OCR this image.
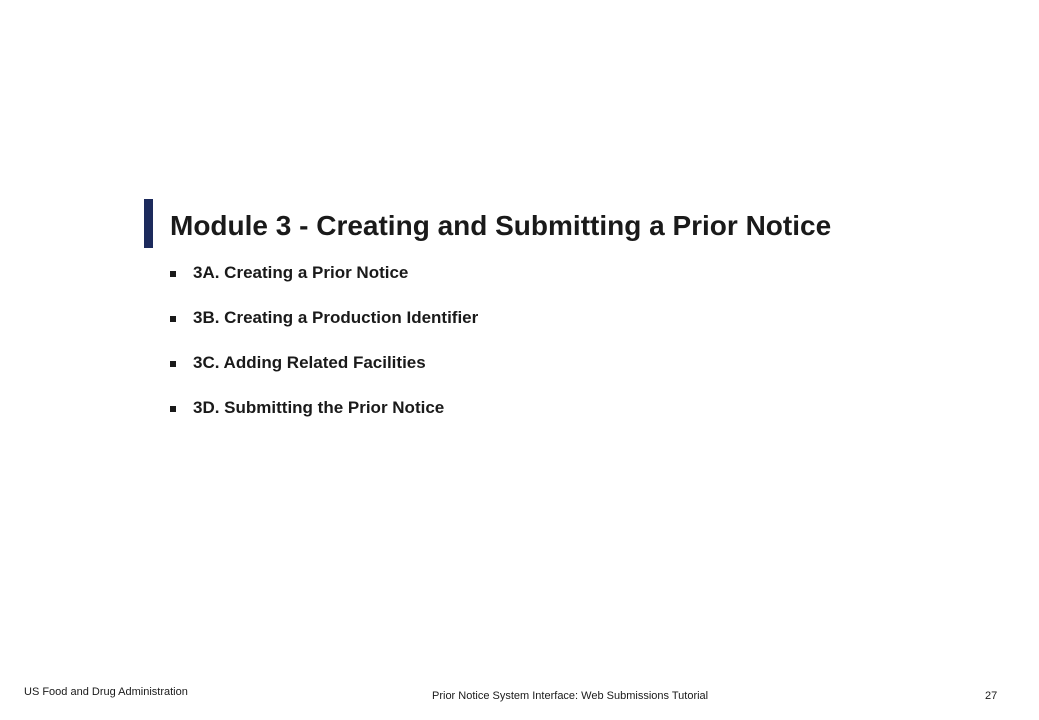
Module 3 - Creating and Submitting a Prior Notice
3A. Creating a Prior Notice
3B. Creating a Production Identifier
3C. Adding Related Facilities
3D. Submitting the Prior Notice
US Food and Drug Administration	Prior Notice System Interface: Web Submissions Tutorial	27
